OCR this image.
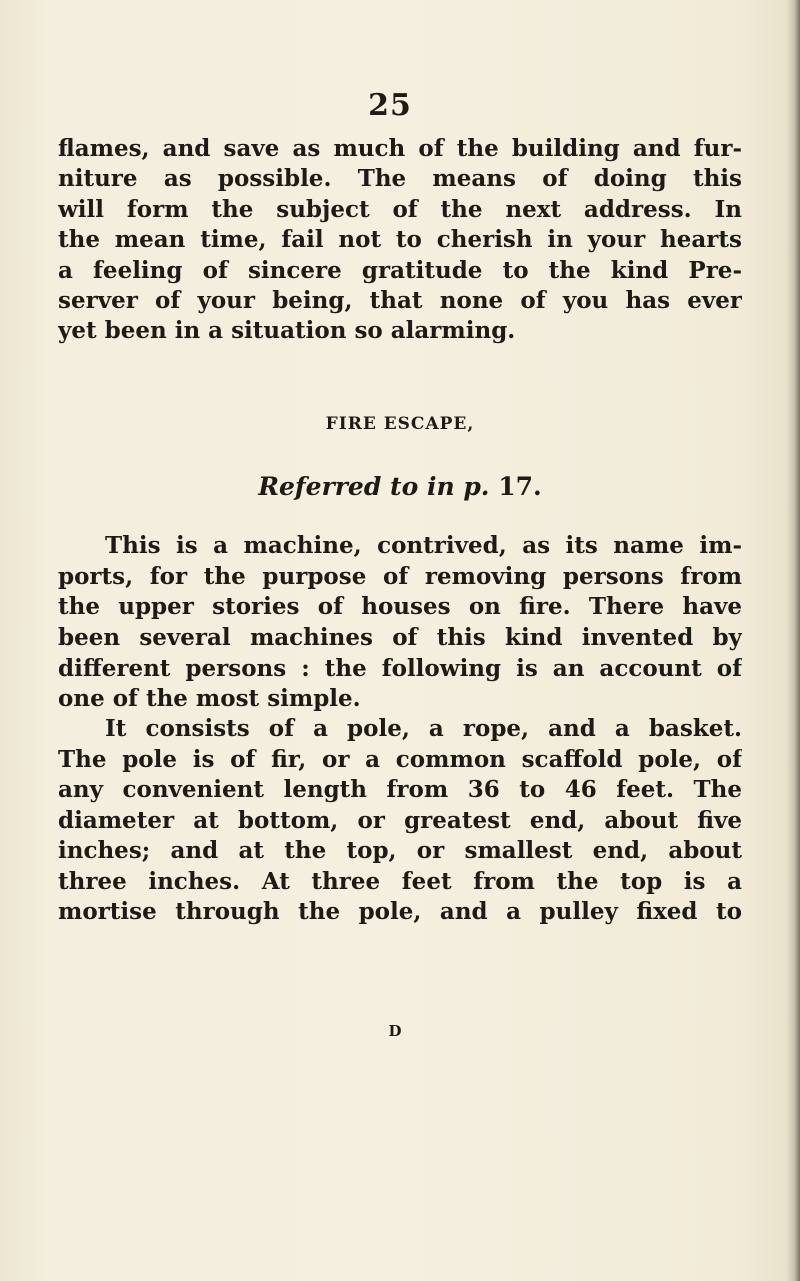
25
flames, and save as much of the building and fur-
niture as possible. The means of doing this
will form the subject of the next address. In
the mean time, fail not to cherish in your hearts
a feeling of sincere gratitude to the kind Pre-
server of your being, that none of you has ever
yet been in a situation so alarming.
FIRE ESCAPE,
Referred to in p. 17.
This is a machine, contrived, as its name im-
ports, for the purpose of removing persons from
the upper stories of houses on fire. There have
been several machines of this kind invented by
different persons : the following is an account of
one of the most simple.
It consists of a pole, a rope, and a basket.
The pole is of fir, or a common scaffold pole, of
any convenient length from 36 to 46 feet. The
diameter at bottom, or greatest end, about five
inches; and at the top, or smallest end, about
three inches. At three feet from the top is a
mortise through the pole, and a pulley fixed to
D
